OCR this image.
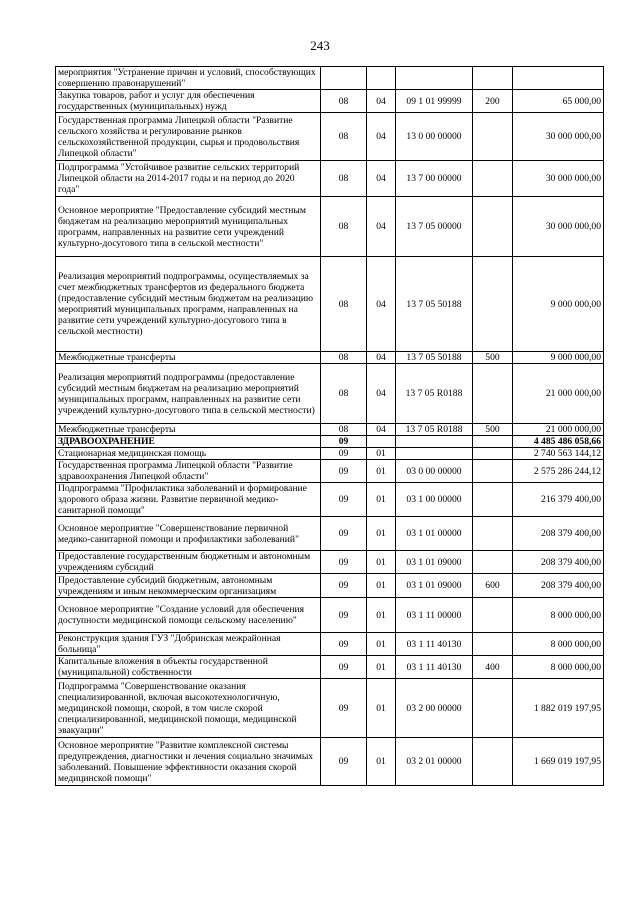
243
мероприятия "Устранение причин и условий, способствующих совершению правонарушений"					
Закупка товаров, работ и услуг для обеспечения государственных (муниципальных) нужд	08	04	09 1 01 99999	200	65 000,00
Государственная программа Липецкой области "Развитие сельского хозяйства и регулирование рынков сельскохозяйственной продукции, сырья и продовольствия Липецкой области"	08	04	13 0 00 00000		30 000 000,00
Подпрограмма "Устойчивое развитие сельских территорий Липецкой области на 2014-2017 годы и на период до 2020 года"	08	04	13 7 00 00000		30 000 000,00
Основное мероприятие "Предоставление субсидий местным бюджетам на реализацию мероприятий муниципальных программ, направленных на развитие сети учреждений культурно-досугового типа в сельской местности"	08	04	13 7 05 00000		30 000 000,00
Реализация мероприятий подпрограммы, осуществляемых за счет межбюджетных трансфертов из федерального бюджета (предоставление субсидий местным бюджетам на реализацию мероприятий муниципальных программ, направленных на развитие сети учреждений культурно-досугового типа в сельской местности)	08	04	13 7 05 50188		9 000 000,00
Межбюджетные трансферты	08	04	13 7 05 50188	500	9 000 000,00
Реализация мероприятий подпрограммы (предоставление субсидий местным бюджетам на реализацию мероприятий муниципальных программ, направленных на развитие сети учреждений культурно-досугового типа в сельской местности)	08	04	13 7 05 R0188		21 000 000,00
Межбюджетные трансферты	08	04	13 7 05 R0188	500	21 000 000,00
ЗДРАВООХРАНЕНИЕ	09				4 485 486 058,66
Стационарная медицинская помощь	09	01			2 740 563 144,12
Государственная программа Липецкой области "Развитие здравоохранения Липецкой области"	09	01	03 0 00 00000		2 575 286 244,12
Подпрограмма "Профилактика заболеваний и формирование здорового образа жизни. Развитие первичной медико-санитарной помощи"	09	01	03 1 00 00000		216 379 400,00
Основное мероприятие "Совершенствование первичной медико-санитарной помощи и профилактики заболеваний"	09	01	03 1 01 00000		208 379 400,00
Предоставление государственным бюджетным и автономным учреждениям субсидий	09	01	03 1 01 09000		208 379 400,00
Предоставление субсидий бюджетным, автономным учреждениям и иным некоммерческим организациям	09	01	03 1 01 09000	600	208 379 400,00
Основное мероприятие "Создание условий для обеспечения доступности медицинской помощи сельскому населению"	09	01	03 1 11 00000		8 000 000,00
Реконструкция здания ГУЗ "Добринская межрайонная больница"	09	01	03 1 11 40130		8 000 000,00
Капитальные вложения в объекты государственной (муниципальной) собственности	09	01	03 1 11 40130	400	8 000 000,00
Подпрограмма "Совершенствование оказания специализированной, включая высокотехнологичную, медицинской помощи, скорой, в том числе скорой специализированной, медицинской помощи, медицинской эвакуации"	09	01	03 2 00 00000		1 882 019 197,95
Основное мероприятие "Развитие комплексной системы предупреждения, диагностики и лечения социально значимых заболеваний. Повышение эффективности оказания скорой медицинской помощи"	09	01	03 2 01 00000		1 669 019 197,95
